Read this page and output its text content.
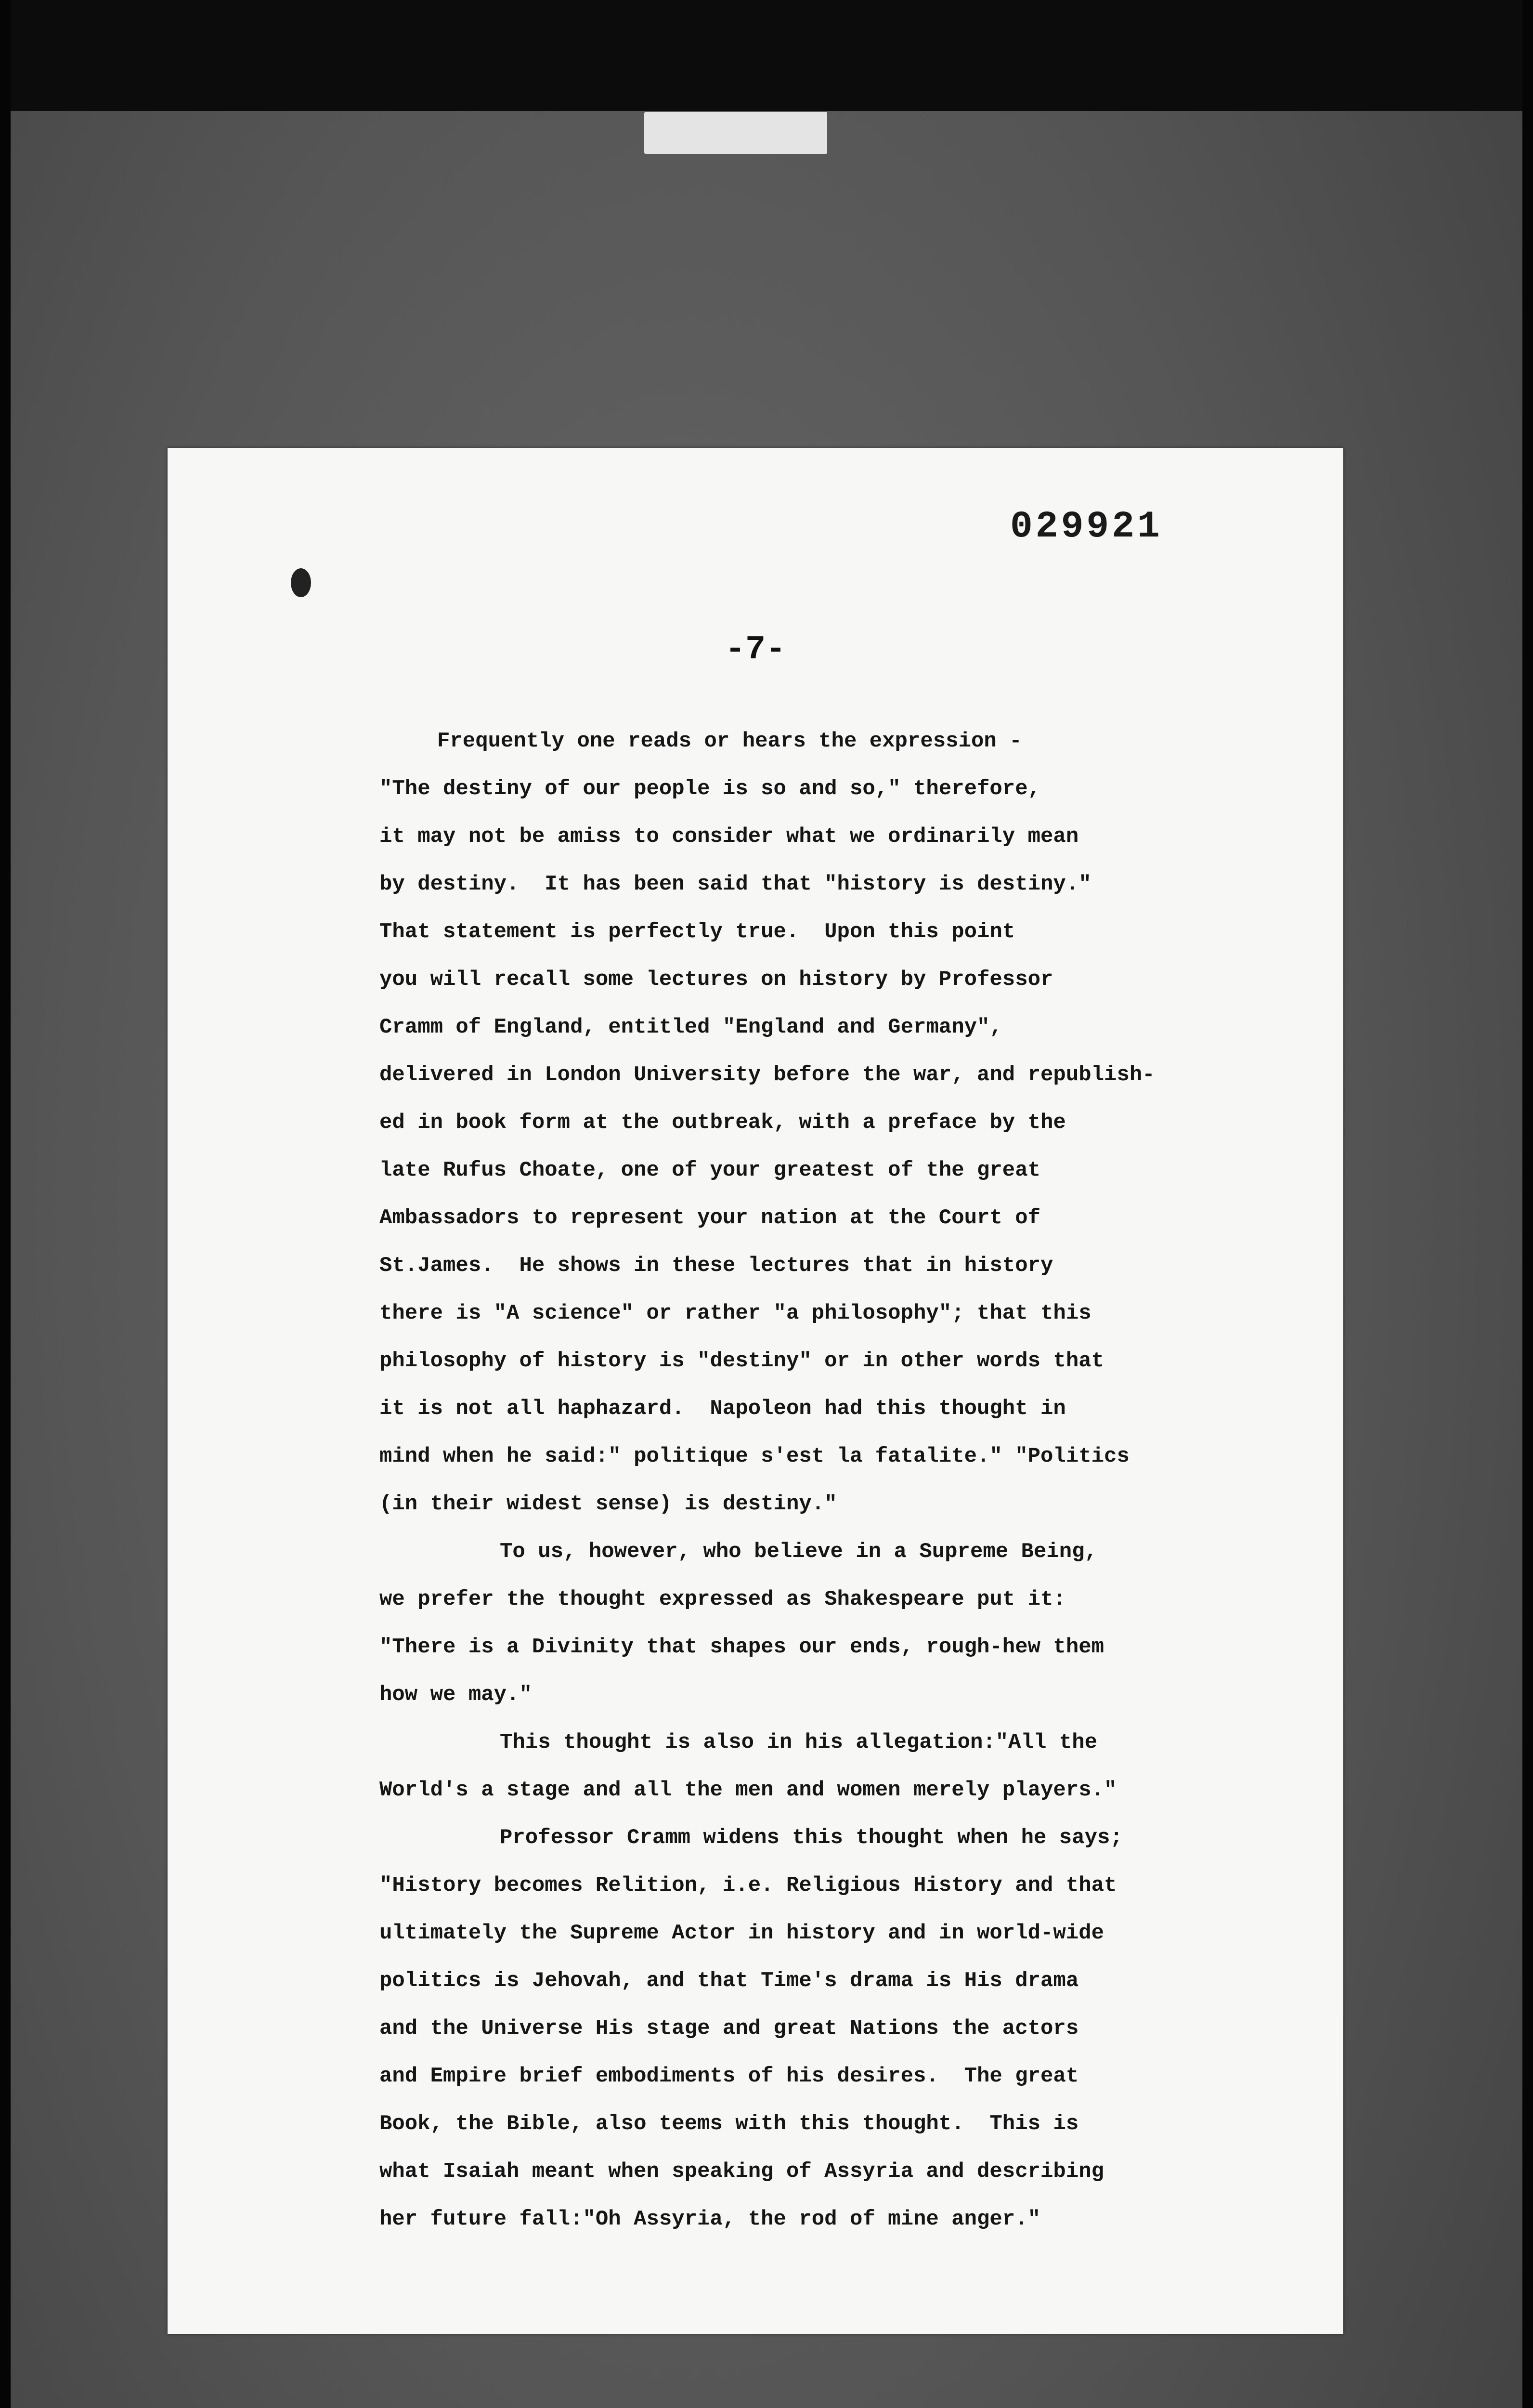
029921
-7-
Frequently one reads or hears the expression -
"The destiny of our people is so and so," therefore,
it may not be amiss to consider what we ordinarily mean
by destiny.  It has been said that "history is destiny."
That statement is perfectly true.  Upon this point
you will recall some lectures on history by Professor
Cramm of England, entitled "England and Germany",
delivered in London University before the war, and republish-
ed in book form at the outbreak, with a preface by the
late Rufus Choate, one of your greatest of the great
Ambassadors to represent your nation at the Court of
St.James.  He shows in these lectures that in history
there is "A science" or rather "a philosophy"; that this
philosophy of history is "destiny" or in other words that
it is not all haphazard.  Napoleon had this thought in
mind when he said:" politique s'est la fatalite." "Politics
(in their widest sense) is destiny."
To us, however, who believe in a Supreme Being,
we prefer the thought expressed as Shakespeare put it:
"There is a Divinity that shapes our ends, rough-hew them
how we may."
This thought is also in his allegation:"All the
World's a stage and all the men and women merely players."
Professor Cramm widens this thought when he says;
"History becomes Relition, i.e. Religious History and that
ultimately the Supreme Actor in history and in world-wide
politics is Jehovah, and that Time's drama is His drama
and the Universe His stage and great Nations the actors
and Empire brief embodiments of his desires.  The great
Book, the Bible, also teems with this thought.  This is
what Isaiah meant when speaking of Assyria and describing
her future fall:"Oh Assyria, the rod of mine anger."
